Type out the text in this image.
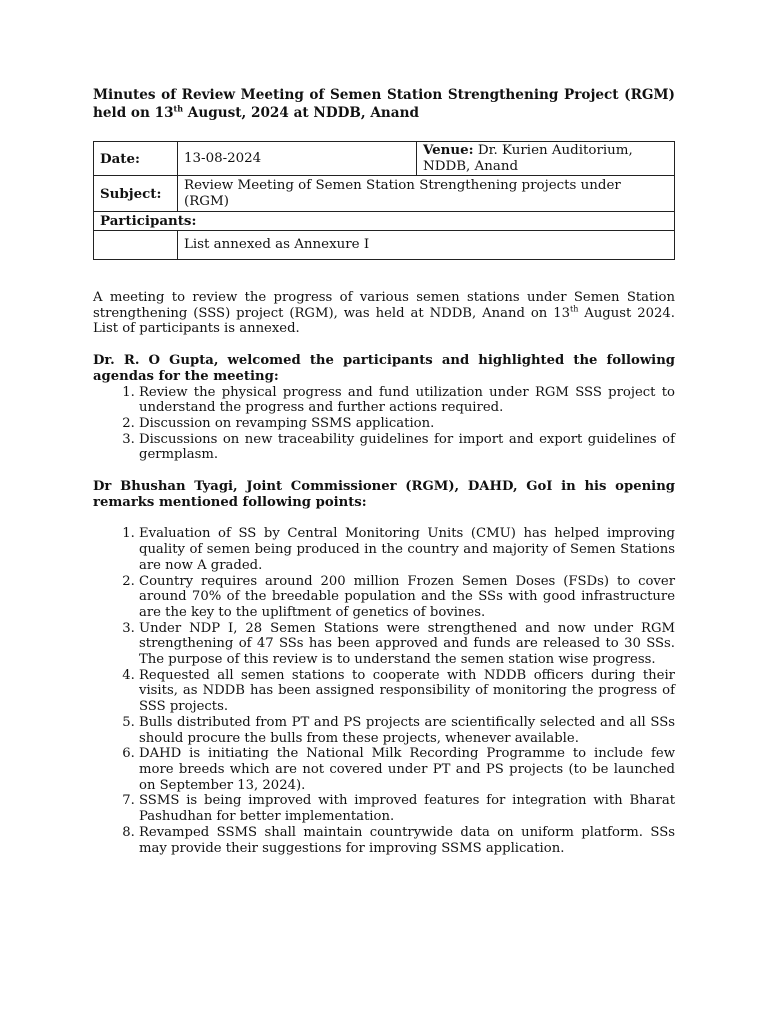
Minutes of Review Meeting of Semen Station Strengthening Project (RGM) held on 13th August, 2024 at NDDB, Anand

Date:	13-08-2024	Venue: Dr. Kurien Auditorium, NDDB, Anand
Subject:	Review Meeting of Semen Station Strengthening projects under (RGM)	
Participants:		
	List annexed as Annexure I	

A meeting to review the progress of various semen stations under Semen Station strengthening (SSS) project (RGM), was held at NDDB, Anand on 13th August 2024. List of participants is annexed.

Dr. R. O Gupta, welcomed the participants and highlighted the following agendas for the meeting:

1. Review the physical progress and fund utilization under RGM SSS project to understand the progress and further actions required.
2. Discussion on revamping SSMS application.
3. Discussions on new traceability guidelines for import and export guidelines of germplasm.

Dr Bhushan Tyagi, Joint Commissioner (RGM), DAHD, GoI in his opening remarks mentioned following points:

1. Evaluation of SS by Central Monitoring Units (CMU) has helped improving quality of semen being produced in the country and majority of Semen Stations are now A graded.
2. Country requires around 200 million Frozen Semen Doses (FSDs) to cover around 70% of the breedable population and the SSs with good infrastructure are the key to the upliftment of genetics of bovines.
3. Under NDP I, 28 Semen Stations were strengthened and now under RGM strengthening of 47 SSs has been approved and funds are released to 30 SSs. The purpose of this review is to understand the semen station wise progress.
4. Requested all semen stations to cooperate with NDDB officers during their visits, as NDDB has been assigned responsibility of monitoring the progress of SSS projects.
5. Bulls distributed from PT and PS projects are scientifically selected and all SSs should procure the bulls from these projects, whenever available.
6. DAHD is initiating the National Milk Recording Programme to include few more breeds which are not covered under PT and PS projects (to be launched on September 13, 2024).
7. SSMS is being improved with improved features for integration with Bharat Pashudhan for better implementation.
8. Revamped SSMS shall maintain countrywide data on uniform platform. SSs may provide their suggestions for improving SSMS application.
